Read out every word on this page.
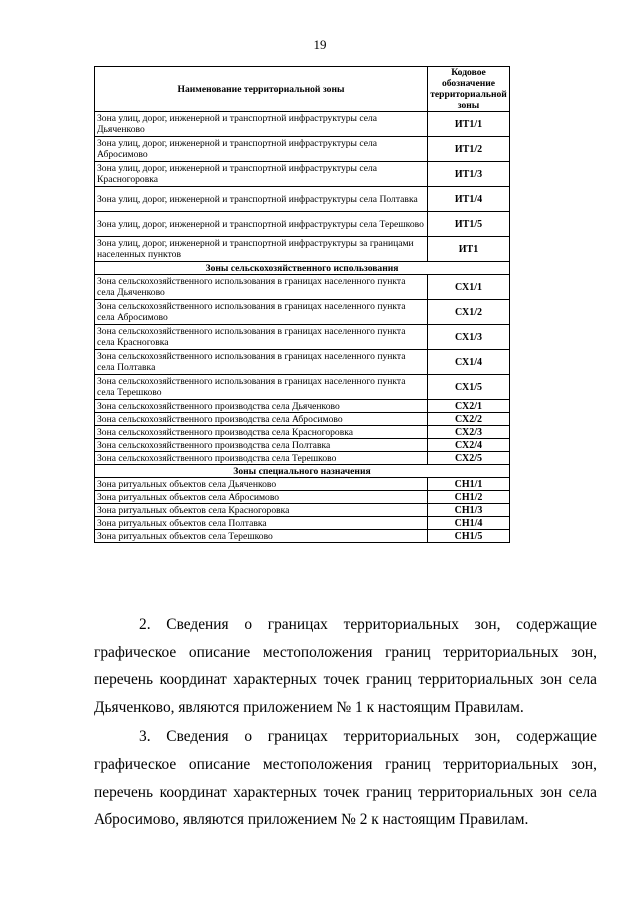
19
Наименование территориальной зоны	Кодовое обозначение территориальной зоны
Зона улиц, дорог, инженерной и транспортной инфраструктуры села Дьяченково	ИТ1/1
Зона улиц, дорог, инженерной и транспортной инфраструктуры села Абросимово	ИТ1/2
Зона улиц, дорог, инженерной и транспортной инфраструктуры села Красногоровка	ИТ1/3
Зона улиц, дорог, инженерной и транспортной инфраструктуры села Полтавка	ИТ1/4
Зона улиц, дорог, инженерной и транспортной инфраструктуры села Терешково	ИТ1/5
Зона улиц, дорог, инженерной и транспортной инфраструктуры за границами населенных пунктов	ИТ1
Зоны сельскохозяйственного использования	
Зона сельскохозяйственного использования в границах населенного пункта села Дьяченково	СХ1/1
Зона сельскохозяйственного использования в границах населенного пункта села Абросимово	СХ1/2
Зона сельскохозяйственного использования в границах населенного пункта села Красноговка	СХ1/3
Зона сельскохозяйственного использования в границах населенного пункта села Полтавка	СХ1/4
Зона сельскохозяйственного использования в границах населенного пункта села Терешково	СХ1/5
Зона сельскохозяйственного производства села Дьяченково	СХ2/1
Зона сельскохозяйственного производства села Абросимово	СХ2/2
Зона сельскохозяйственного производства села Красногоровка	СХ2/3
Зона сельскохозяйственного производства села Полтавка	СХ2/4
Зона сельскохозяйственного производства села Терешково	СХ2/5
Зоны специального назначения	
Зона ритуальных объектов села Дьяченково	СН1/1
Зона ритуальных объектов села Абросимово	СН1/2
Зона ритуальных объектов села Красногоровка	СН1/3
Зона ритуальных объектов села Полтавка	СН1/4
Зона ритуальных объектов села Терешково	СН1/5

2. Сведения о границах территориальных зон, содержащие графическое описание местоположения границ территориальных зон, перечень координат характерных точек границ территориальных зон села Дьяченково, являются приложением № 1 к настоящим Правилам.

3. Сведения о границах территориальных зон, содержащие графическое описание местоположения границ территориальных зон, перечень координат характерных точек границ территориальных зон села Абросимово, являются приложением № 2 к настоящим Правилам.
